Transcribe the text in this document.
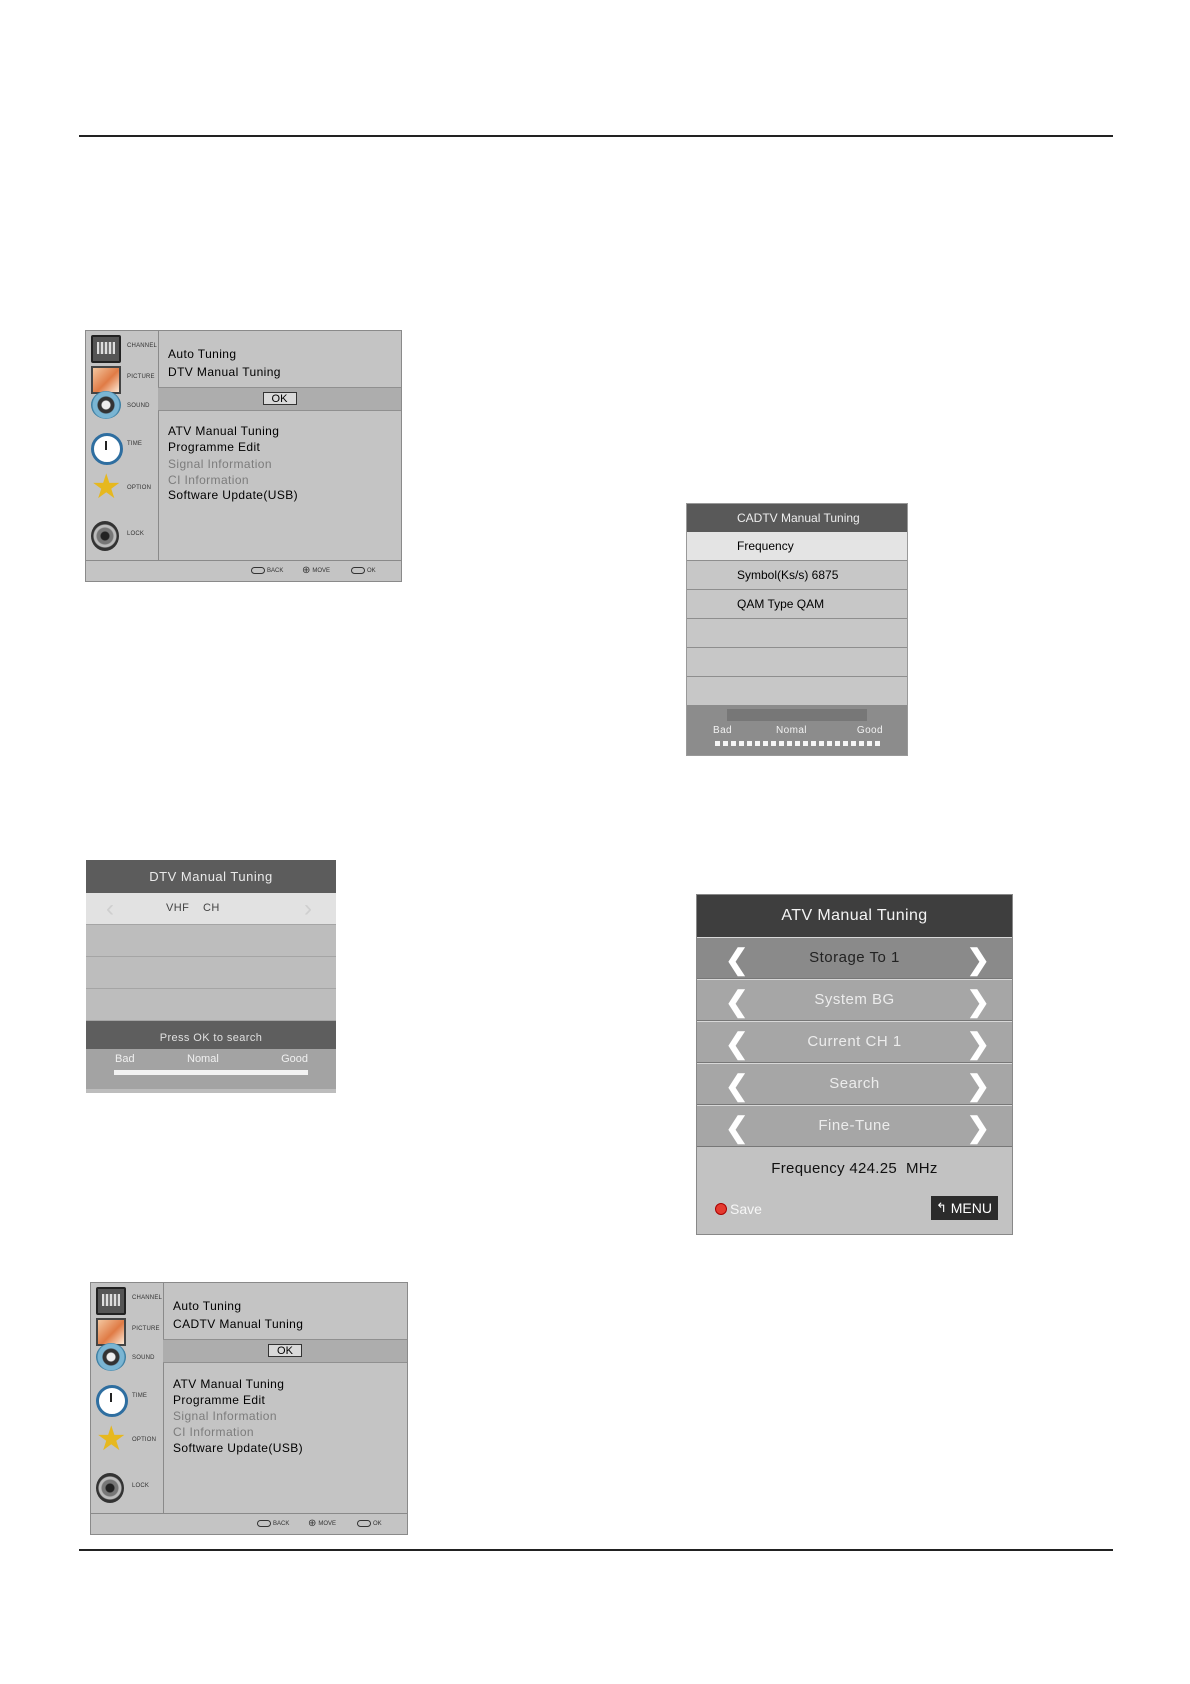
CHANNEL
PICTURE
SOUND
TIME
★
OPTION
LOCK
Auto Tuning
DTV Manual Tuning
OK
ATV Manual Tuning
Programme Edit
Signal Information
CI Information
Software Update(USB)
BACK ⊕ MOVE	OK
CHANNEL
PICTURE
SOUND
TIME
★
OPTION
LOCK
Auto Tuning
CADTV Manual Tuning
OK
ATV Manual Tuning
Programme Edit
Signal Information
CI Information
Software Update(USB)
BACK ⊕ MOVE	OK
DTV Manual Tuning
‹	VHF    CH	›
Press OK to search
Bad	Nomal	Good
CADTV Manual Tuning
Frequency
Symbol(Ks/s) 6875
QAM Type QAM
Bad	Nomal	Good
ATV Manual Tuning
❮	Storage To 1	❯
❮	System BG	❯
❮	Current CH 1	❯
❮	Search	❯
❮	Fine-Tune	❯
Frequency 424.25  MHz
Save	↰ MENU
